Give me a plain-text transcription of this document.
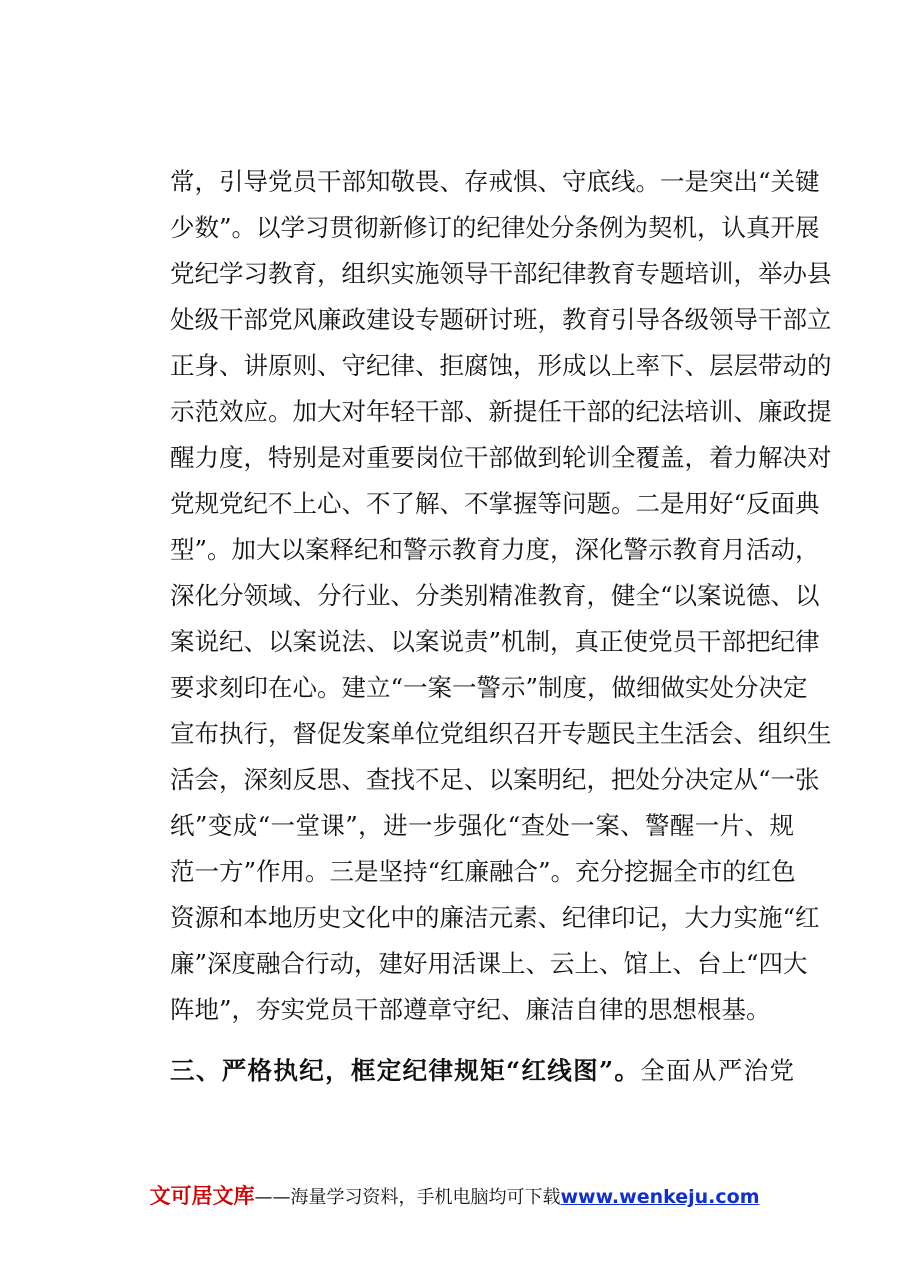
常，引导党员干部知敬畏、存戒惧、守底线。一是突出“关键
少数”。以学习贯彻新修订的纪律处分条例为契机，认真开展
党纪学习教育，组织实施领导干部纪律教育专题培训，举办县
处级干部党风廉政建设专题研讨班，教育引导各级领导干部立
正身、讲原则、守纪律、拒腐蚀，形成以上率下、层层带动的
示范效应。加大对年轻干部、新提任干部的纪法培训、廉政提
醒力度，特别是对重要岗位干部做到轮训全覆盖，着力解决对
党规党纪不上心、不了解、不掌握等问题。二是用好“反面典
型”。加大以案释纪和警示教育力度，深化警示教育月活动，
深化分领域、分行业、分类别精准教育，健全“以案说德、以
案说纪、以案说法、以案说责”机制，真正使党员干部把纪律
要求刻印在心。建立“一案一警示”制度，做细做实处分决定
宣布执行，督促发案单位党组织召开专题民主生活会、组织生
活会，深刻反思、查找不足、以案明纪，把处分决定从“一张
纸”变成“一堂课”，进一步强化“查处一案、警醒一片、规
范一方”作用。三是坚持“红廉融合”。充分挖掘全市的红色
资源和本地历史文化中的廉洁元素、纪律印记，大力实施“红
廉”深度融合行动，建好用活课上、云上、馆上、台上“四大
阵地”，夯实党员干部遵章守纪、廉洁自律的思想根基。
三、严格执纪，框定纪律规矩“红线图”。全面从严治党
文可居文库——海量学习资料，手机电脑均可下载www.wenkeju.com
